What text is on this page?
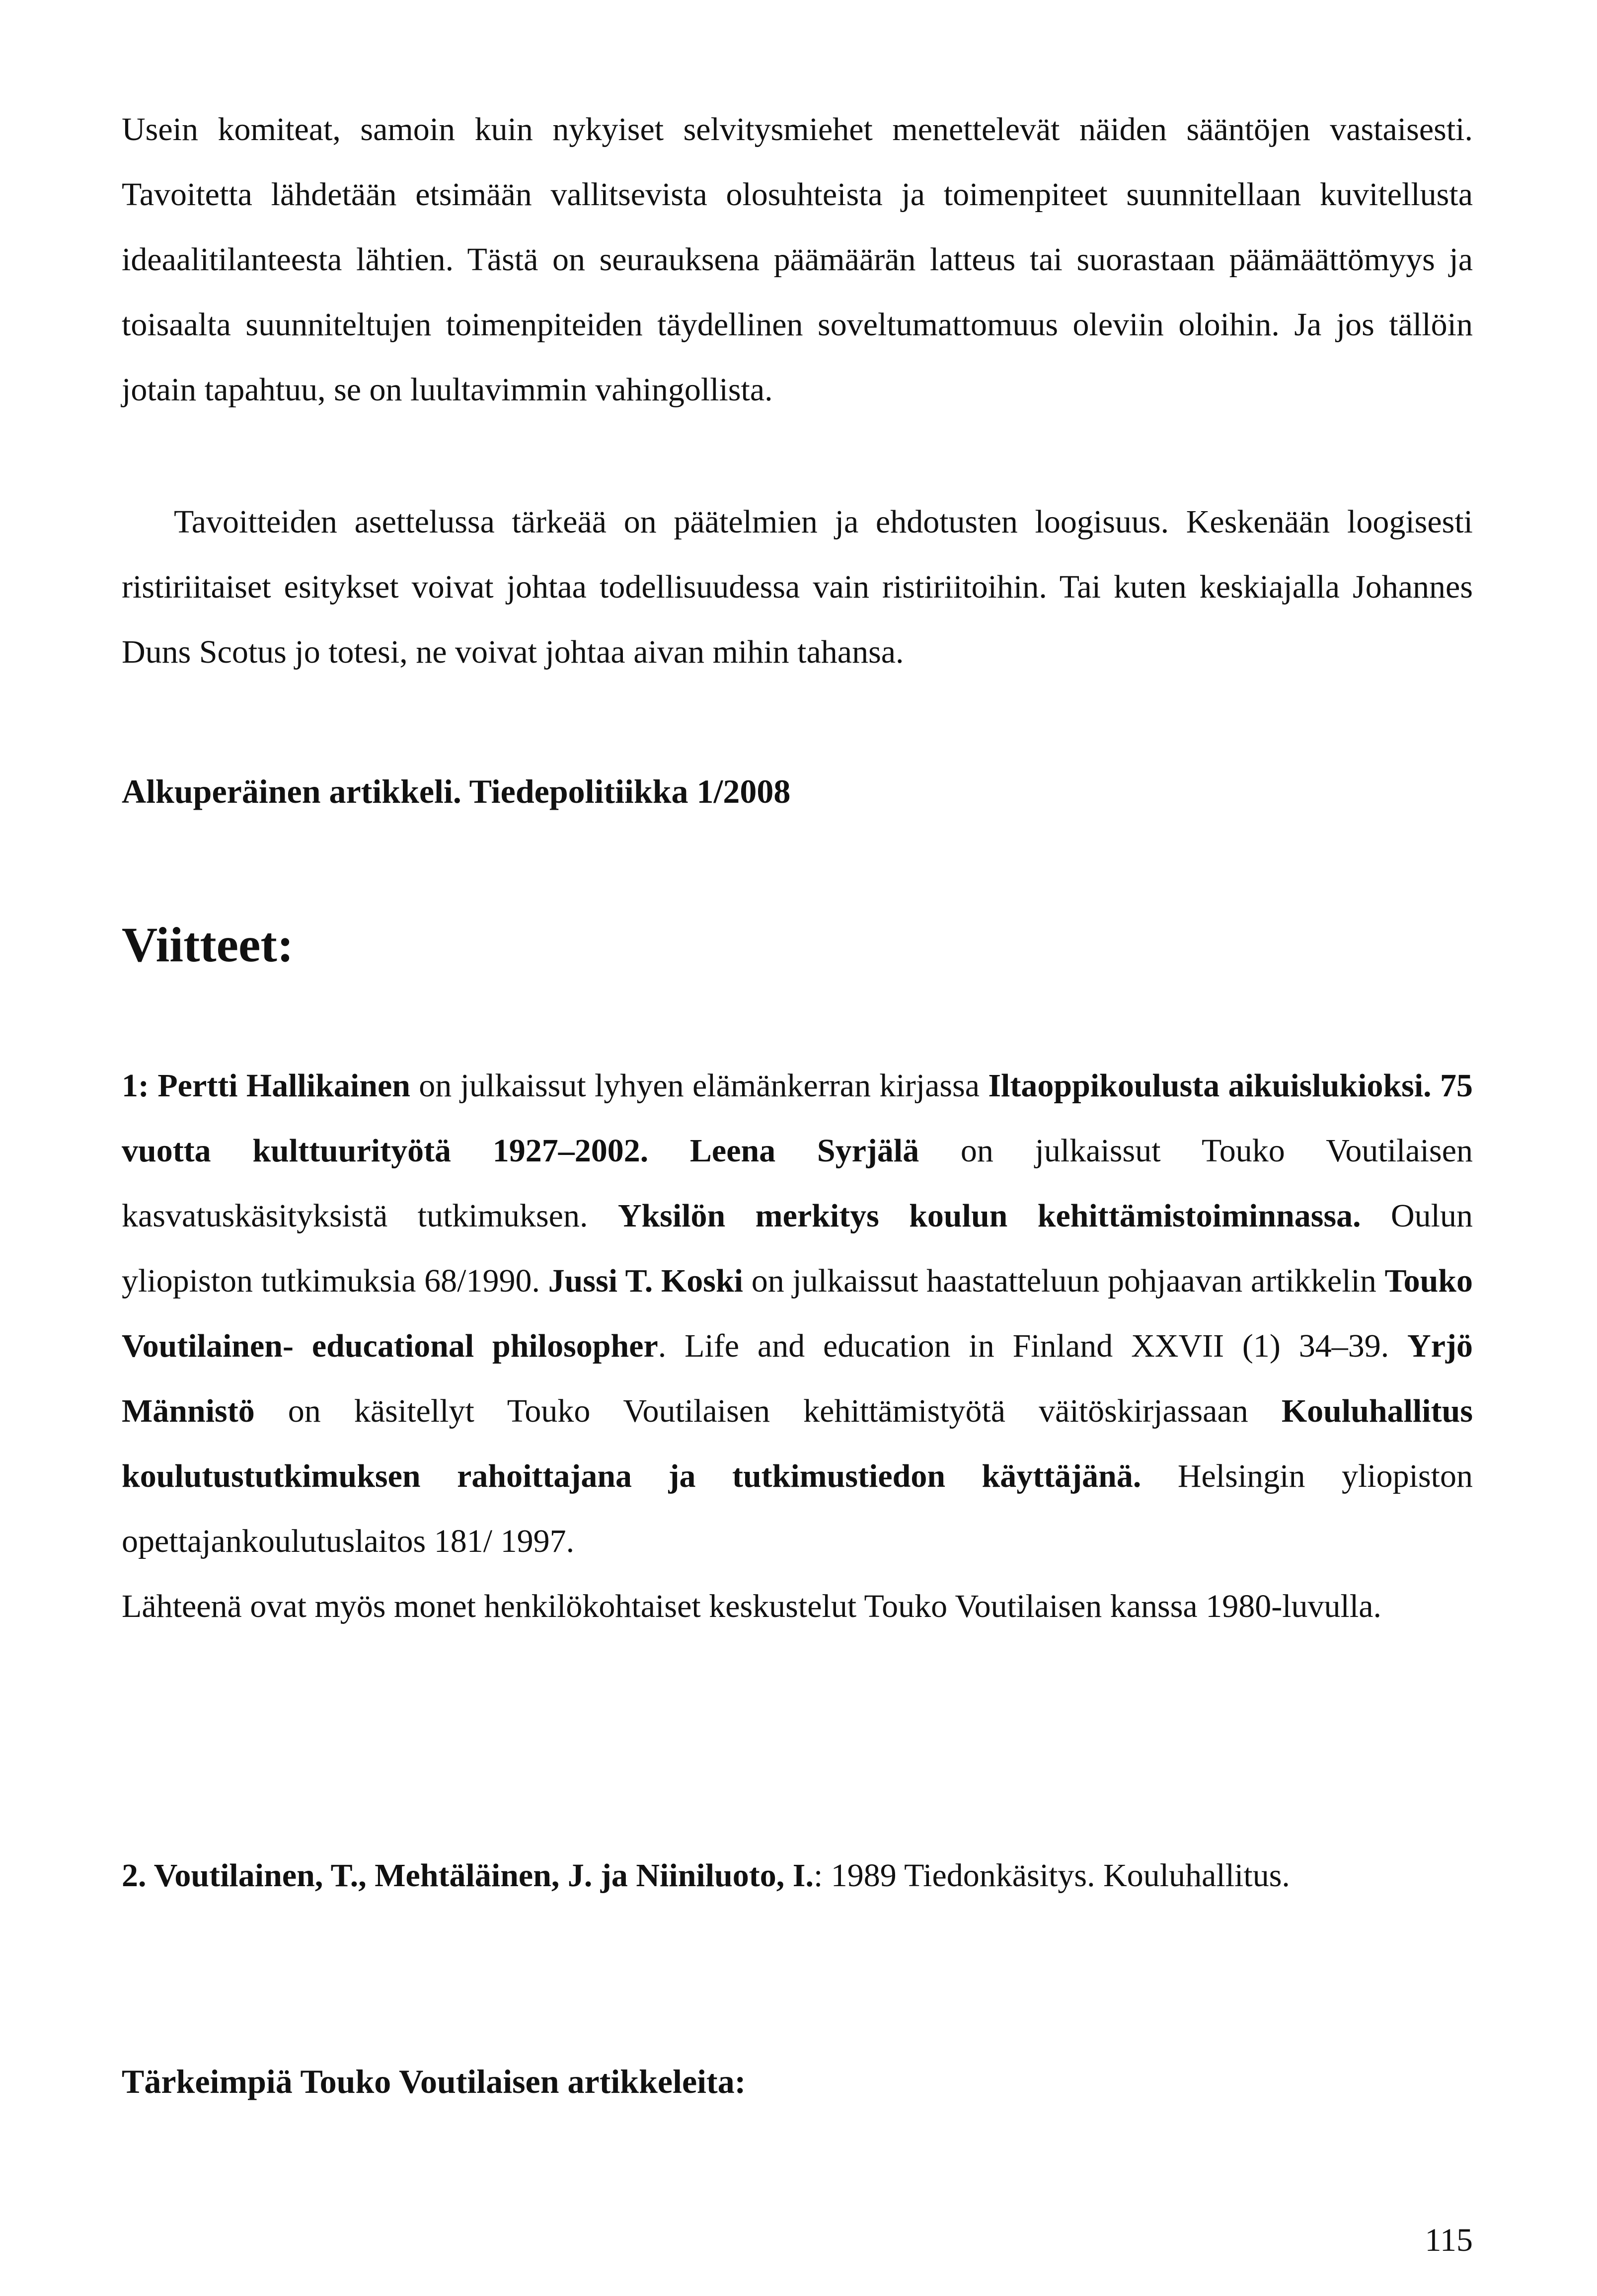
Usein komiteat, samoin kuin nykyiset selvitysmiehet menettelevät näiden sääntöjen vastaisesti. Tavoitetta lähdetään etsimään vallitsevista olosuhteista ja toimenpiteet suunnitellaan kuvitellusta ideaalitilanteesta lähtien. Tästä on seurauksena päämäärän latteus tai suorastaan päämäättömyys ja toisaalta suunniteltujen toimenpiteiden täydellinen soveltumattomuus oleviin oloihin. Ja jos tällöin jotain tapahtuu, se on luultavimmin vahingollista.

Tavoitteiden asettelussa tärkeää on päätelmien ja ehdotusten loogisuus. Keskenään loogisesti ristiriitaiset esitykset voivat johtaa todellisuudessa vain ristiriitoihin. Tai kuten keskiajalla Johannes Duns Scotus jo totesi, ne voivat johtaa aivan mihin tahansa.

Alkuperäinen artikkeli. Tiedepolitiikka 1/2008

Viitteet:

1: Pertti Hallikainen on julkaissut lyhyen elämänkerran kirjassa Iltaoppikoulusta aikuislukioksi. 75 vuotta kulttuurityötä 1927–2002. Leena Syrjälä on julkaissut Touko Voutilaisen kasvatuskäsityksistä tutkimuksen. Yksilön merkitys koulun kehittämistoiminnassa. Oulun yliopiston tutkimuksia 68/1990. Jussi T. Koski on julkaissut haastatteluun pohjaavan artikkelin Touko Voutilainen- educational philosopher. Life and education in Finland XXVII (1) 34–39. Yrjö Männistö on käsitellyt Touko Voutilaisen kehittämistyötä väitöskirjassaan Kouluhallitus koulutustutkimuksen rahoittajana ja tutkimustiedon käyttäjänä. Helsingin yliopiston opettajankoulutuslaitos 181/ 1997.

Lähteenä ovat myös monet henkilökohtaiset keskustelut Touko Voutilaisen kanssa 1980-luvulla.

2. Voutilainen, T., Mehtäläinen, J. ja Niiniluoto, I.: 1989 Tiedonkäsitys. Kouluhallitus.

Tärkeimpiä Touko Voutilaisen artikkeleita:

115
